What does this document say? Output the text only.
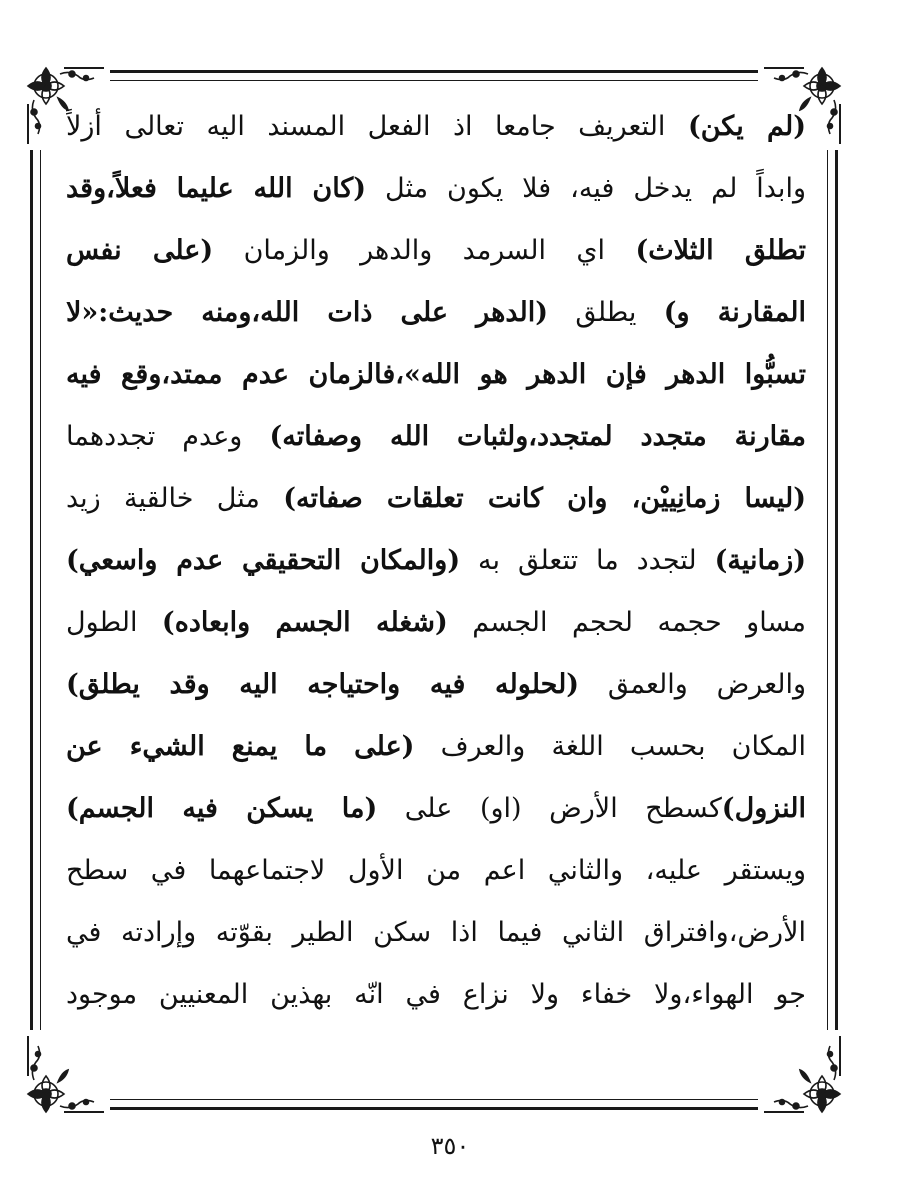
(لم يكن) التعريف جامعا اذ الفعل المسند اليه تعالى أزلاً
وابداً لم يدخل فيه، فلا يكون مثل (كان الله عليما فعلاً،وقد
تطلق الثلاث) اي السرمد والدهر والزمان (على نفس
المقارنة و) يطلق (الدهر على ذات الله،ومنه حديث:«لا
تسبُّوا الدهر فإن الدهر هو الله»،فالزمان عدم ممتد،وقع فيه
مقارنة متجدد لمتجدد،ولثبات الله وصفاته) وعدم تجددهما
(ليسا زمانِييْن، وان كانت تعلقات صفاته) مثل خالقية زيد
(زمانية) لتجدد ما تتعلق به (والمكان التحقيقي عدم واسعي)
مساو حجمه لحجم الجسم (شغله الجسم وابعاده) الطول
والعرض والعمق (لحلوله فيه واحتياجه اليه وقد يطلق)
المكان بحسب اللغة والعرف (على ما يمنع الشيء عن
النزول)كسطح الأرض (او) على (ما يسكن فيه الجسم)
ويستقر عليه، والثاني اعم من الأول لاجتماعهما في سطح
الأرض،وافتراق الثاني فيما اذا سكن الطير بقوّته وإرادته في
جو الهواء،ولا خفاء ولا نزاع في انّه بهذين المعنيين موجود
٣٥٠
